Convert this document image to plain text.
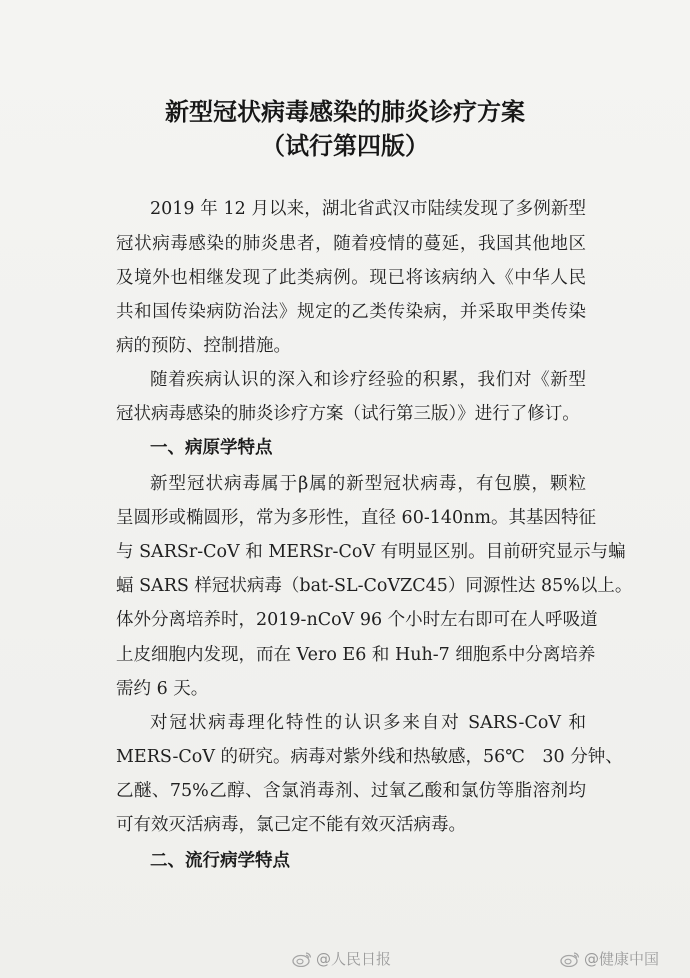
新型冠状病毒感染的肺炎诊疗方案
（试行第四版）
2019 年 12 月以来，湖北省武汉市陆续发现了多例新型
冠状病毒感染的肺炎患者，随着疫情的蔓延，我国其他地区
及境外也相继发现了此类病例。现已将该病纳入《中华人民
共和国传染病防治法》规定的乙类传染病，并采取甲类传染
病的预防、控制措施。
随着疾病认识的深入和诊疗经验的积累，我们对《新型
冠状病毒感染的肺炎诊疗方案（试行第三版）》进行了修订。
一、病原学特点
新型冠状病毒属于β属的新型冠状病毒，有包膜，颗粒
呈圆形或椭圆形，常为多形性，直径 60-140nm。其基因特征
与 SARSr-CoV 和 MERSr-CoV 有明显区别。目前研究显示与蝙
蝠 SARS 样冠状病毒（bat-SL-CoVZC45）同源性达 85%以上。
体外分离培养时，2019-nCoV 96 个小时左右即可在人呼吸道
上皮细胞内发现，而在 Vero E6 和 Huh-7 细胞系中分离培养
需约 6 天。
对冠状病毒理化特性的认识多来自对 SARS-CoV 和
MERS-CoV 的研究。病毒对紫外线和热敏感，56℃　30 分钟、
乙醚、75%乙醇、含氯消毒剂、过氧乙酸和氯仿等脂溶剂均
可有效灭活病毒，氯己定不能有效灭活病毒。
二、流行病学特点
@人民日报	@健康中国
